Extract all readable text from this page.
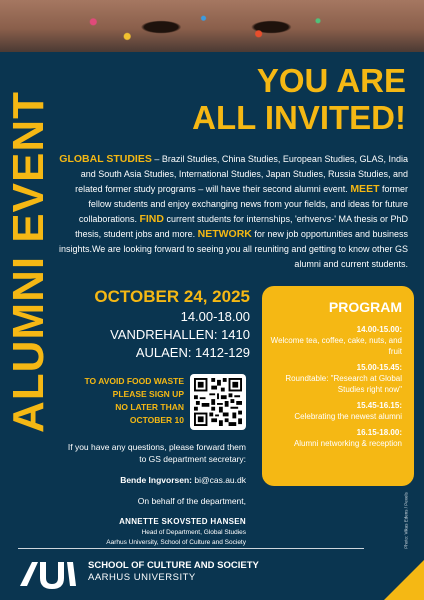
ALUMNI EVENT
YOU ARE
ALL INVITED!
GLOBAL STUDIES – Brazil Studies, China Studies, European Studies, GLAS, India and South Asia Studies, International Studies, Japan Studies, Russia Studies, and related former study programs – will have their second alumni event. MEET former fellow students and enjoy exchanging news from your fields, and ideas for future collaborations. FIND current students for internships, 'erhvervs-' MA thesis or PhD thesis, student jobs and more. NETWORK for new job opportunities and business insights.We are looking forward to seeing you all reuniting and getting to know other GS alumni and current students.
OCTOBER 24, 2025
14.00-18.00
VANDREHALLEN: 1410
AULAEN: 1412-129
TO AVOID FOOD WASTE
PLEASE SIGN UP
NO LATER THAN
OCTOBER 10
If you have any questions, please forward them to GS department secretary:
Bende Ingvorsen: bi@cas.au.dk
On behalf of the department,
ANNETTE SKOVSTED HANSEN
Head of Department, Global Studies
Aarhus University, School of Culture and Society
PROGRAM
14.00-15.00:
Welcome tea, coffee, cake, nuts, and fruit
15.00-15.45:
Roundtable: "Research at Global Studies right now"
15.45-16.15:
Celebrating the newest alumni
16.15-18.00:
Alumni networking & reception
Photo: Vikas Edens / Pexels
SCHOOL OF CULTURE AND SOCIETY
AARHUS UNIVERSITY
